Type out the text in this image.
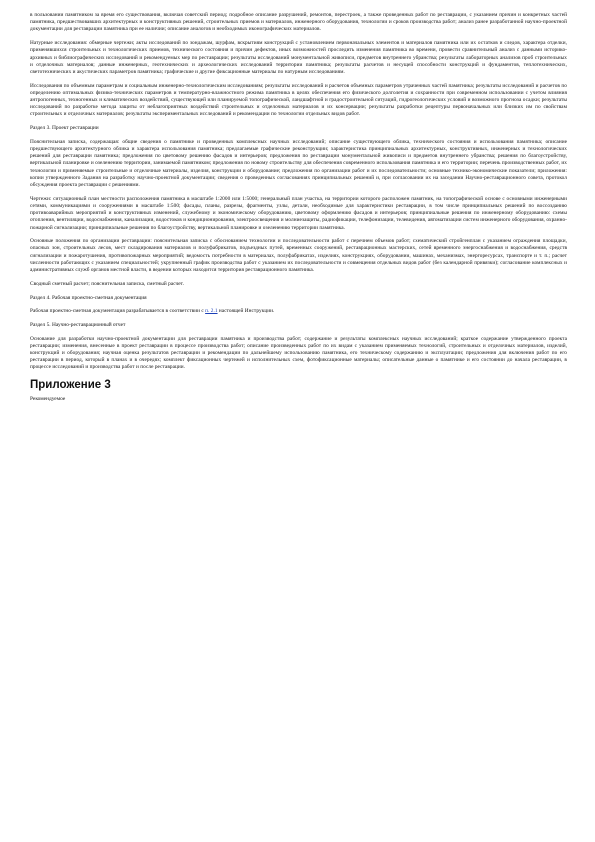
в пользовании памятником за время его существования, включая советский период; подробное описание разрушений, ремонтов, перестроек, а также проведенных работ по реставрации, с указанием причин и конкретных частей памятника, предшествовавших архитектурных и конструктивных решений, строительных приемов и материалов, инженерного оборудования, технологии и сроков производства работ; анализ ранее разработанной научно-проектной документации для реставрации памятника при ее наличии; описание аналогов и необходимых иконографических материалов.

Натурные исследования: обмерные чертежи; акты исследований по зондажам, шурфам, вскрытиям конструкций с установлением первоначальных элементов и материалов памятника или их остатков и следов, характера отделки, применявшихся строительных и технологических приемов, технического состояния и причин дефектов, иных возможностей проследить изменения памятника во времени, провести сравнительный анализ с данными историко-архивных и библиографических исследований и рекомендуемых мер по реставрации; результаты исследований монументальной живописи, предметов внутреннего убранства; результаты лабораторных анализов проб строительных и отделочных материалов; данные инженерных, геотехнических и археологических исследований территории памятника; результаты расчетов и несущей способности конструкций и фундаментов, теплотехнических, светотехнических и акустических параметров памятника; графические и другие фиксационные материалы по натурным исследованиям.

Исследования по объемным параметрам и социальным инженерно-технологическим исследованиям; результаты исследований и расчетов объемных параметров утраченных частей памятника; результаты исследований и расчетов по определению оптимальных физико-технических параметров и температурно-влажностного режима памятника в целях обеспечения его физического долголетия и сохранности при современном использовании с учетом влияния антропогенных, техногенных и климатических воздействий, существующей или планируемой топографической, ландшафтной и градостроительной ситуаций, гидрогеологических условий и возможного прогноза осадки; результаты исследований по разработке метода защиты от неблагоприятных воздействий строительных и отделочных материалов и их консервации; результаты разработки рецептуры первоначальных или близких им по свойствам строительных и отделочных материалов; результаты экспериментальных исследований и рекомендации по технологии отдельных видов работ.

Раздел 3. Проект реставрации

Пояснительная записка, содержащая: общие сведения о памятнике и проведенных комплексных научных исследований; описание существующего облика, технического состояния и использования памятника; описание предшествующего архитектурного облика и характера использования памятника; предлагаемые графические реконструкции; характеристика принципиальных архитектурных, конструктивных, инженерных и технологических решений для реставрации памятника; предложения по цветовому решению фасадов и интерьеров; предложения по реставрации монументальной живописи и предметов внутреннего убранства; решения по благоустройству, вертикальной планировке и озеленению территории, занимаемой памятником; предложения по новому строительству для обеспечения современного использования памятника и его территории; перечень производственных работ, их технологии и применяемые строительные и отделочные материалы, изделия, конструкции и оборудование; предложения по организации работ и их последовательности; основные технико-экономические показатели; приложения: копии утвержденного Задания на разработку научно-проектной документации; сведения о проведенных согласованиях принципиальных решений и, при согласовании их на заседании Научно-реставрационного совета, протокол обсуждения проекта реставрации с решениями.

Чертежи: ситуационный план местности расположения памятника в масштабе 1:2000 или 1:5000; генеральный план участка, на территории которого расположен памятник, на топографической основе с основными инженерными сетями, коммуникациями и сооружениями в масштабе 1:500; фасады, планы, разрезы, фрагменты, узлы, детали, необходимые для характеристики реставрации, в том числе принципиальных решений по воссозданию противоаварийных мероприятий и конструктивных изменений, служебному и экономическому оборудованию, цветовому оформлению фасадов и интерьеров; принципиальные решения по инженерному оборудованию: схемы отопления, вентиляции, водоснабжения, канализации, водостоков и кондиционирования, электроосвещения и молниезащиты, радиофикации, телефонизации, телевидения, автоматизации систем инженерного оборудования, охранно-пожарной сигнализации; принципиальные решения по благоустройству, вертикальной планировке и озеленению территории памятника.

Основные положения по организации реставрации: пояснительная записка с обоснованием технологии и последовательности работ с перечнем объемов работ; схематический стройгенплан с указанием ограждения площадки, опасных зон, строительных лесов, мест складирования материалов и полуфабрикатов, подъездных путей, временных сооружений, реставрационных мастерских, сетей временного энергоснабжения и водоснабжения, средств сигнализации и пожаротушения, противопожарных мероприятий; ведомость потребности в материалах, полуфабрикатах, изделиях, конструкциях, оборудовании, машинах, механизмах, энергоресурсах, транспорте и т. п.; расчет численности работающих с указанием специальностей; укрупненный график производства работ с указанием их последовательности и совмещения отдельных видов работ (без календарной привязки); согласование комплексных и административных служб органов местной власти, в ведении которых находится территория реставрационного памятника.

Сводный сметный расчет; пояснительная записка, сметный расчет.

Раздел 4. Рабочая проектно-сметная документация

Рабочая проектно-сметная документация разрабатывается в соответствии с п. 2.1 настоящей Инструкции.

Раздел 5. Научно-реставрационный отчет

Основание для разработки научно-проектной документации для реставрации памятника и производства работ; содержание и результаты комплексных научных исследований; краткое содержание утвержденного проекта реставрации; изменения, внесенные в проект реставрации в процессе производства работ; описание произведенных работ по их видам с указанием применяемых технологий, строительных и отделочных материалов, изделий, конструкций и оборудования; научная оценка результатов реставрации и рекомендации по дальнейшему использованию памятника, его техническому содержанию и эксплуатации; предложения для включения работ по его реставрации в период, который в планах и в очередях; комплект фиксационных чертежей и исполнительных схем, фотофиксационные материалы; описательные данные о памятнике и его состоянии до начала реставрации, в процессе исследований и производства работ и после реставрации.

Приложение 3

Рекомендуемое
